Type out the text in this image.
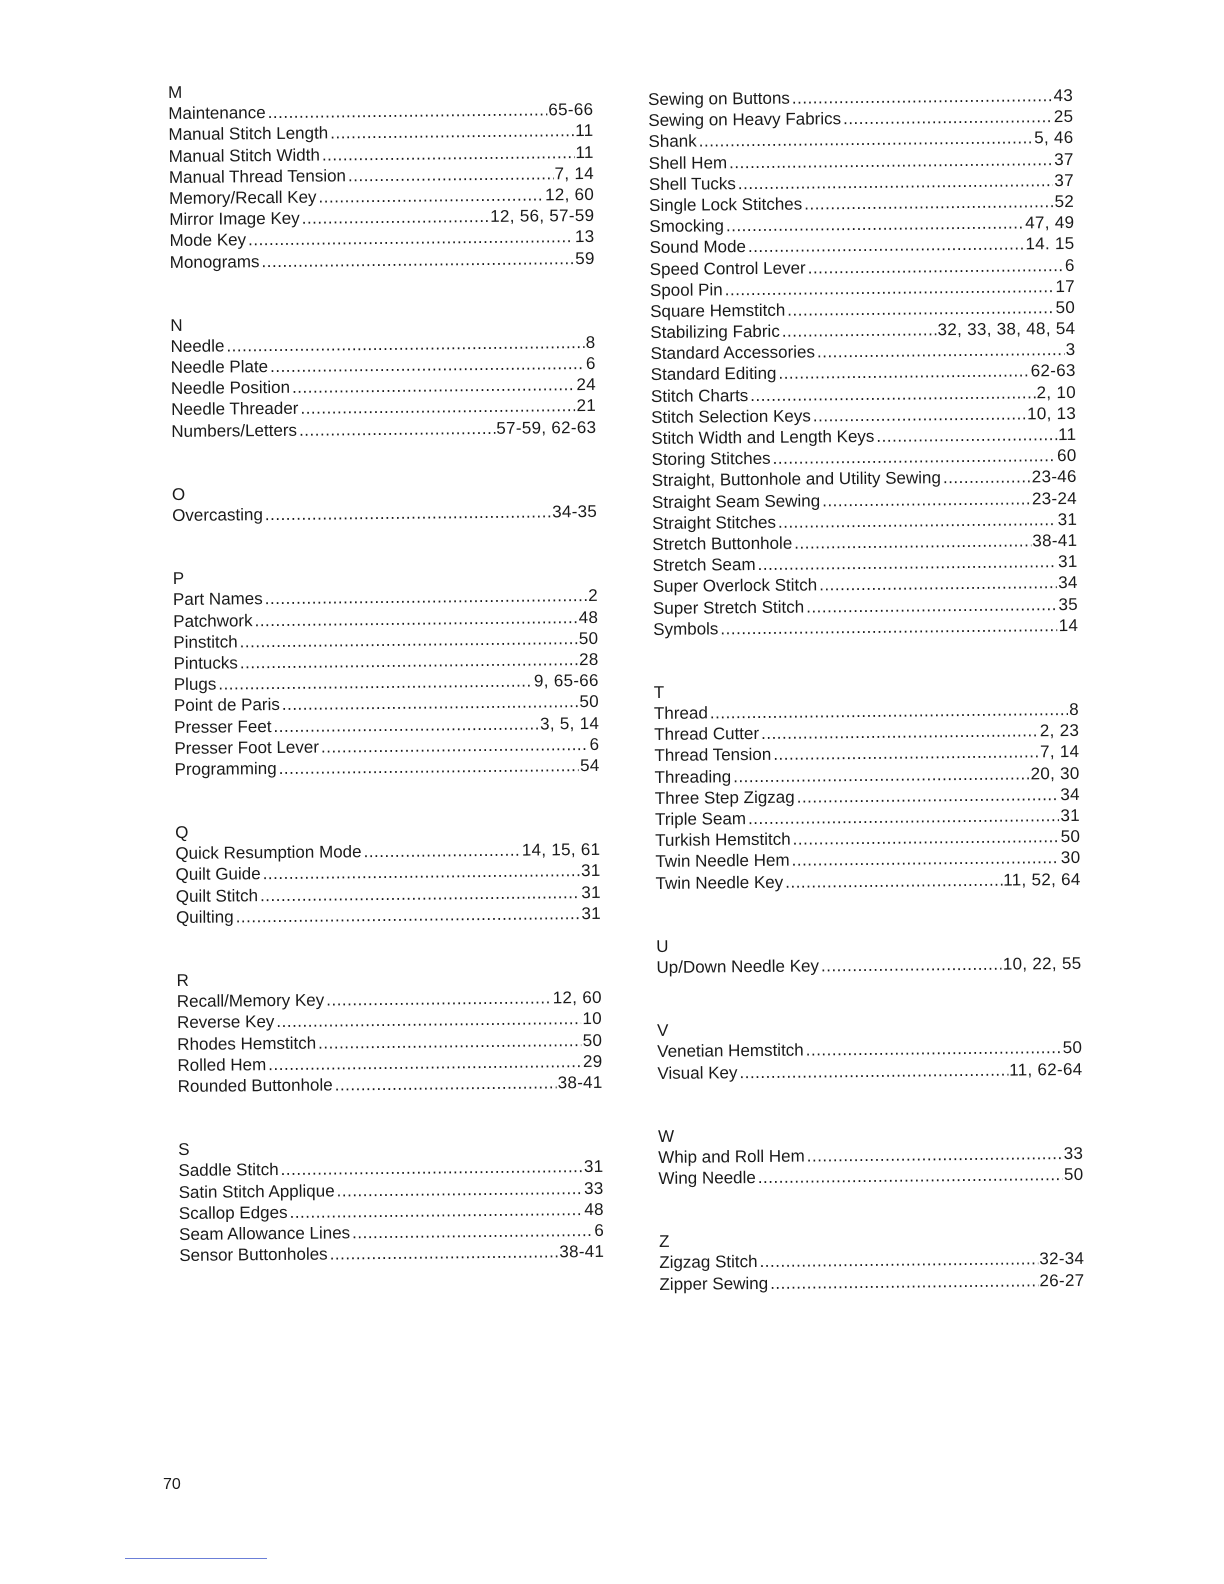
M
Maintenance .....	65-66
Manual Stitch Length .....	11
Manual Stitch Width .....	11
Manual Thread Tension .....	7, 14
Memory/Recall Key .....	12, 60
Mirror Image Key .....	12, 56, 57-59
Mode Key .....	13
Monograms .....	59
N
Needle .....	8
Needle Plate .....	6
Needle Position .....	24
Needle Threader .....	21
Numbers/Letters .....	57-59, 62-63
O
Overcasting .....	34-35
P
Part Names .....	2
Patchwork .....	48
Pinstitch .....	50
Pintucks .....	28
Plugs .....	9, 65-66
Point de Paris .....	50
Presser Feet .....	3, 5, 14
Presser Foot Lever .....	6
Programming .....	54
Q
Quick Resumption Mode .....	14, 15, 61
Quilt Guide .....	31
Quilt Stitch .....	31
Quilting .....	31
R
Recall/Memory Key .....	12, 60
Reverse Key .....	10
Rhodes Hemstitch .....	50
Rolled Hem .....	29
Rounded Buttonhole .....	38-41
S
Saddle Stitch .....	31
Satin Stitch Applique .....	33
Scallop Edges .....	48
Seam Allowance Lines .....	6
Sensor Buttonholes .....	38-41
Sewing on Buttons .....	43
Sewing on Heavy Fabrics .....	25
Shank .....	5, 46
Shell Hem .....	37
Shell Tucks .....	37
Single Lock Stitches .....	52
Smocking .....	47, 49
Sound Mode .....	14. 15
Speed Control Lever .....	6
Spool Pin .....	17
Square Hemstitch .....	50
Stabilizing Fabric .....	32, 33, 38, 48, 54
Standard Accessories .....	3
Standard Editing .....	62-63
Stitch Charts .....	2, 10
Stitch Selection Keys .....	10, 13
Stitch Width and Length Keys .....	11
Storing Stitches .....	60
Straight, Buttonhole and Utility Sewing .....	23-46
Straight Seam Sewing .....	23-24
Straight Stitches .....	31
Stretch Buttonhole .....	38-41
Stretch Seam .....	31
Super Overlock Stitch .....	34
Super Stretch Stitch .....	35
Symbols .....	14
T
Thread .....	8
Thread Cutter .....	2, 23
Thread Tension .....	7, 14
Threading .....	20, 30
Three Step Zigzag .....	34
Triple Seam .....	31
Turkish Hemstitch .....	50
Twin Needle Hem .....	30
Twin Needle Key .....	11, 52, 64
U
Up/Down Needle Key .....	10, 22, 55
V
Venetian Hemstitch .....	50
Visual Key .....	11, 62-64
W
Whip and Roll Hem .....	33
Wing Needle .....	50
Z
Zigzag Stitch .....	32-34
Zipper Sewing .....	26-27
70
